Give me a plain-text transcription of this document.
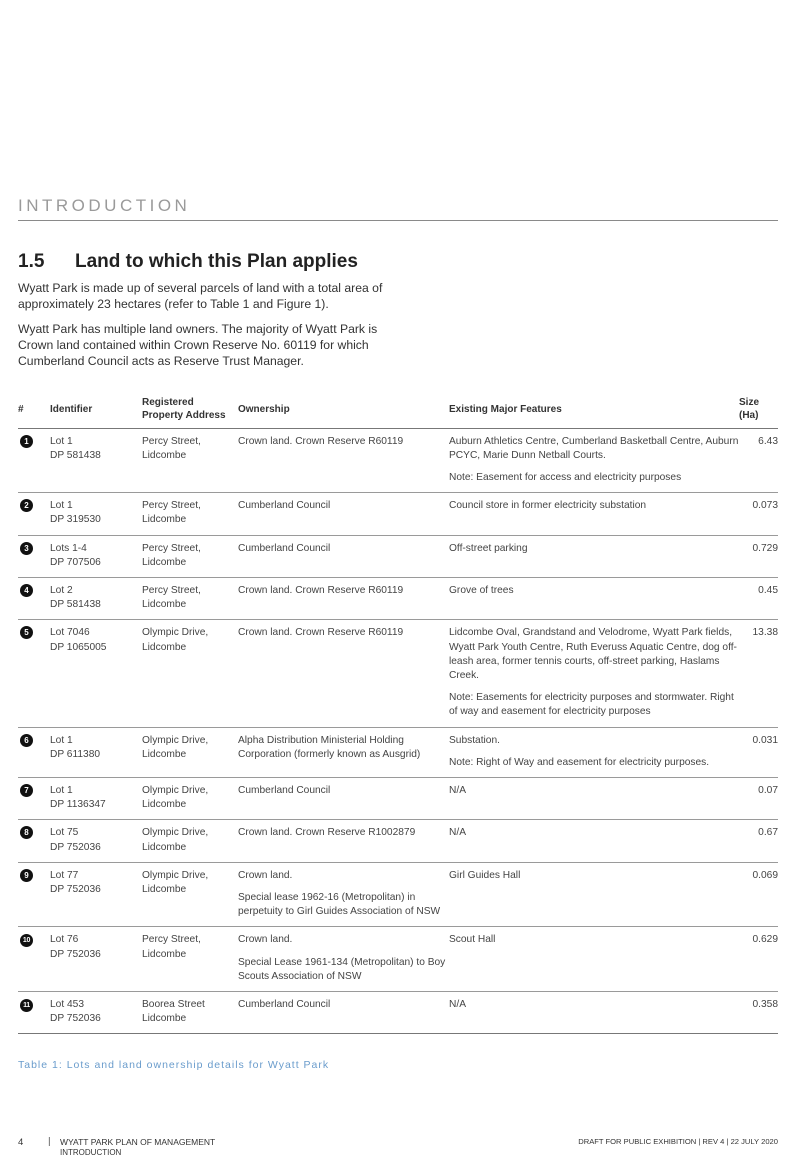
INTRODUCTION
1.5	Land to which this Plan applies

Wyatt Park is made up of several parcels of land with a total area of approximately 23 hectares (refer to Table 1 and Figure 1).

Wyatt Park has multiple land owners. The majority of Wyatt Park is Crown land contained within Crown Reserve No. 60119 for which Cumberland Council acts as Reserve Trust Manager.

#	Identifier	Registered
Property Address	Ownership	Existing Major Features	Size
(Ha)

1	Lot 1
DP 581438	Percy Street,
Lidcombe	Crown land. Crown Reserve R60119	Auburn Athletics Centre, Cumberland Basketball Centre, Auburn PCYC, Marie Dunn Netball Courts.
Note: Easement for access and electricity purposes	6.43
2	Lot 1
DP 319530	Percy Street,
Lidcombe	Cumberland Council	Council store in former electricity substation	0.073
3	Lots 1-4
DP 707506	Percy Street,
Lidcombe	Cumberland Council	Off-street parking	0.729
4	Lot 2
DP 581438	Percy Street,
Lidcombe	Crown land. Crown Reserve R60119	Grove of trees	0.45
5	Lot 7046
DP 1065005	Olympic Drive,
Lidcombe	Crown land. Crown Reserve R60119	Lidcombe Oval, Grandstand and Velodrome, Wyatt Park fields, Wyatt Park Youth Centre, Ruth Everuss Aquatic Centre, dog off-leash area, former tennis courts, off-street parking, Haslams Creek.
Note: Easements for electricity purposes and stormwater. Right of way and easement for electricity purposes	13.38
6	Lot 1
DP 611380	Olympic Drive,
Lidcombe	Alpha Distribution Ministerial Holding Corporation (formerly known as Ausgrid)	Substation.
Note: Right of Way and easement for electricity purposes.	0.031
7	Lot 1
DP 1136347	Olympic Drive,
Lidcombe	Cumberland Council	N/A	0.07
8	Lot 75
DP 752036	Olympic Drive,
Lidcombe	Crown land. Crown Reserve R1002879	N/A	0.67
9	Lot 77
DP 752036	Olympic Drive,
Lidcombe	Crown land.
Special lease 1962-16 (Metropolitan) in perpetuity to Girl Guides Association of NSW	Girl Guides Hall	0.069
10	Lot 76
DP 752036	Percy Street,
Lidcombe	Crown land.
Special Lease 1961-134 (Metropolitan) to Boy Scouts Association of NSW	Scout Hall	0.629
11	Lot 453
DP 752036	Boorea Street
Lidcombe	Cumberland Council	N/A	0.358
Table 1: Lots and land ownership details for Wyatt Park
4 | WYATT PARK PLAN OF MANAGEMENT
INTRODUCTION
DRAFT FOR PUBLIC EXHIBITION | REV 4 | 22 JULY 2020
